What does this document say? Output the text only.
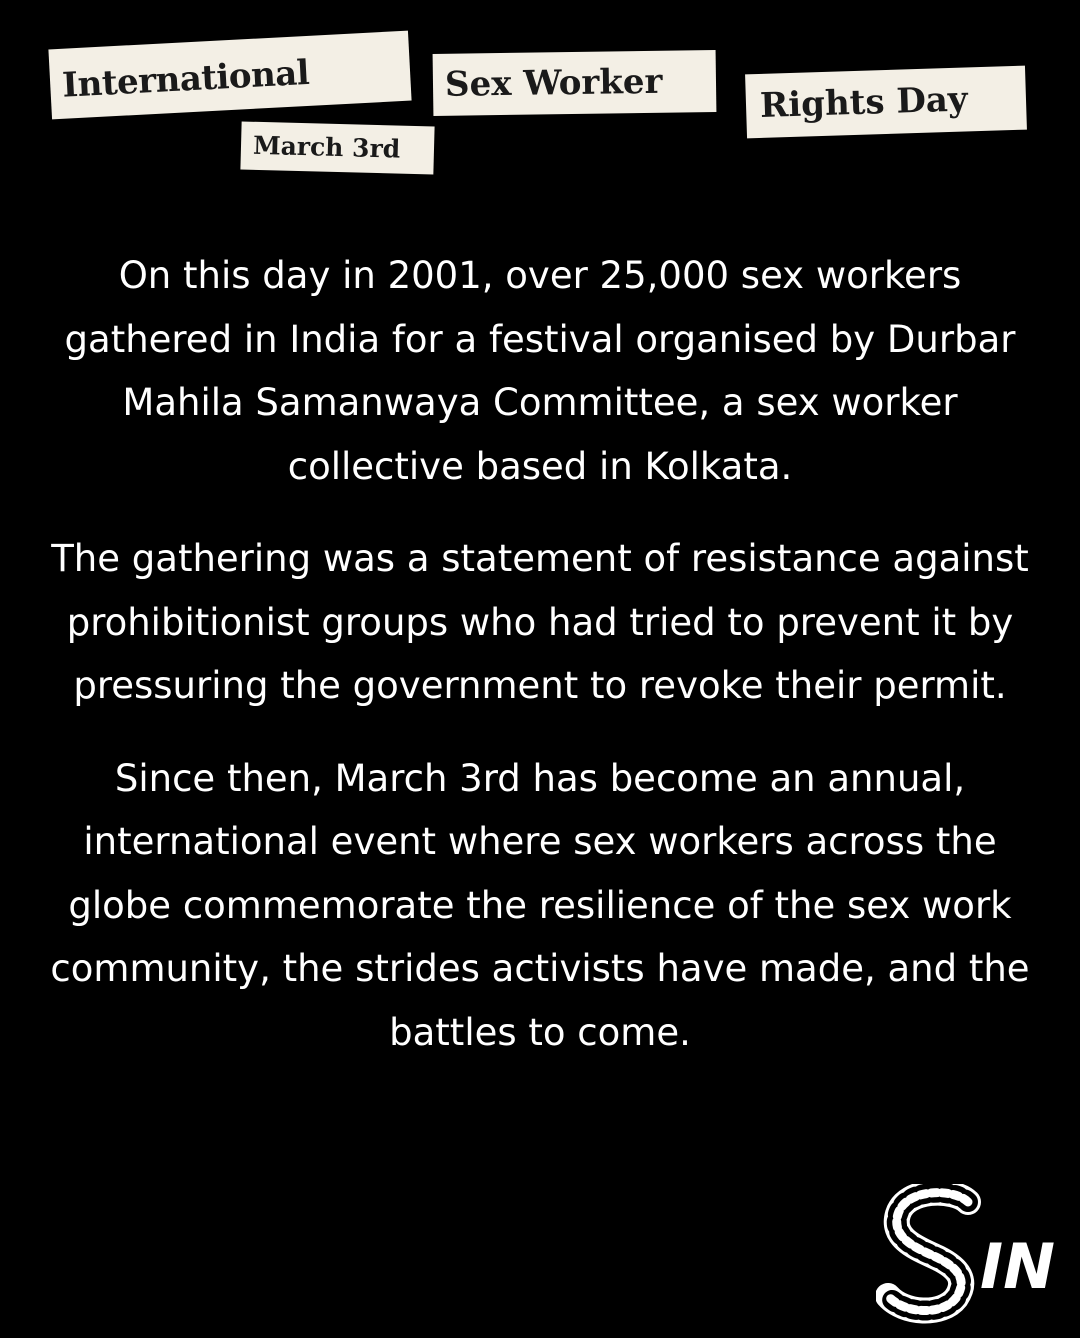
International	Sex Worker	Rights Day
March 3rd

On this day in 2001, over 25,000 sex workers gathered in India for a festival organised by Durbar Mahila Samanwaya Committee, a sex worker collective based in Kolkata.

The gathering was a statement of resistance against prohibitionist groups who had tried to prevent it by pressuring the government to revoke their permit.

Since then, March 3rd has become an annual, international event where sex workers across the globe commemorate the resilience of the sex work community, the strides activists have made, and the battles to come.

IN
